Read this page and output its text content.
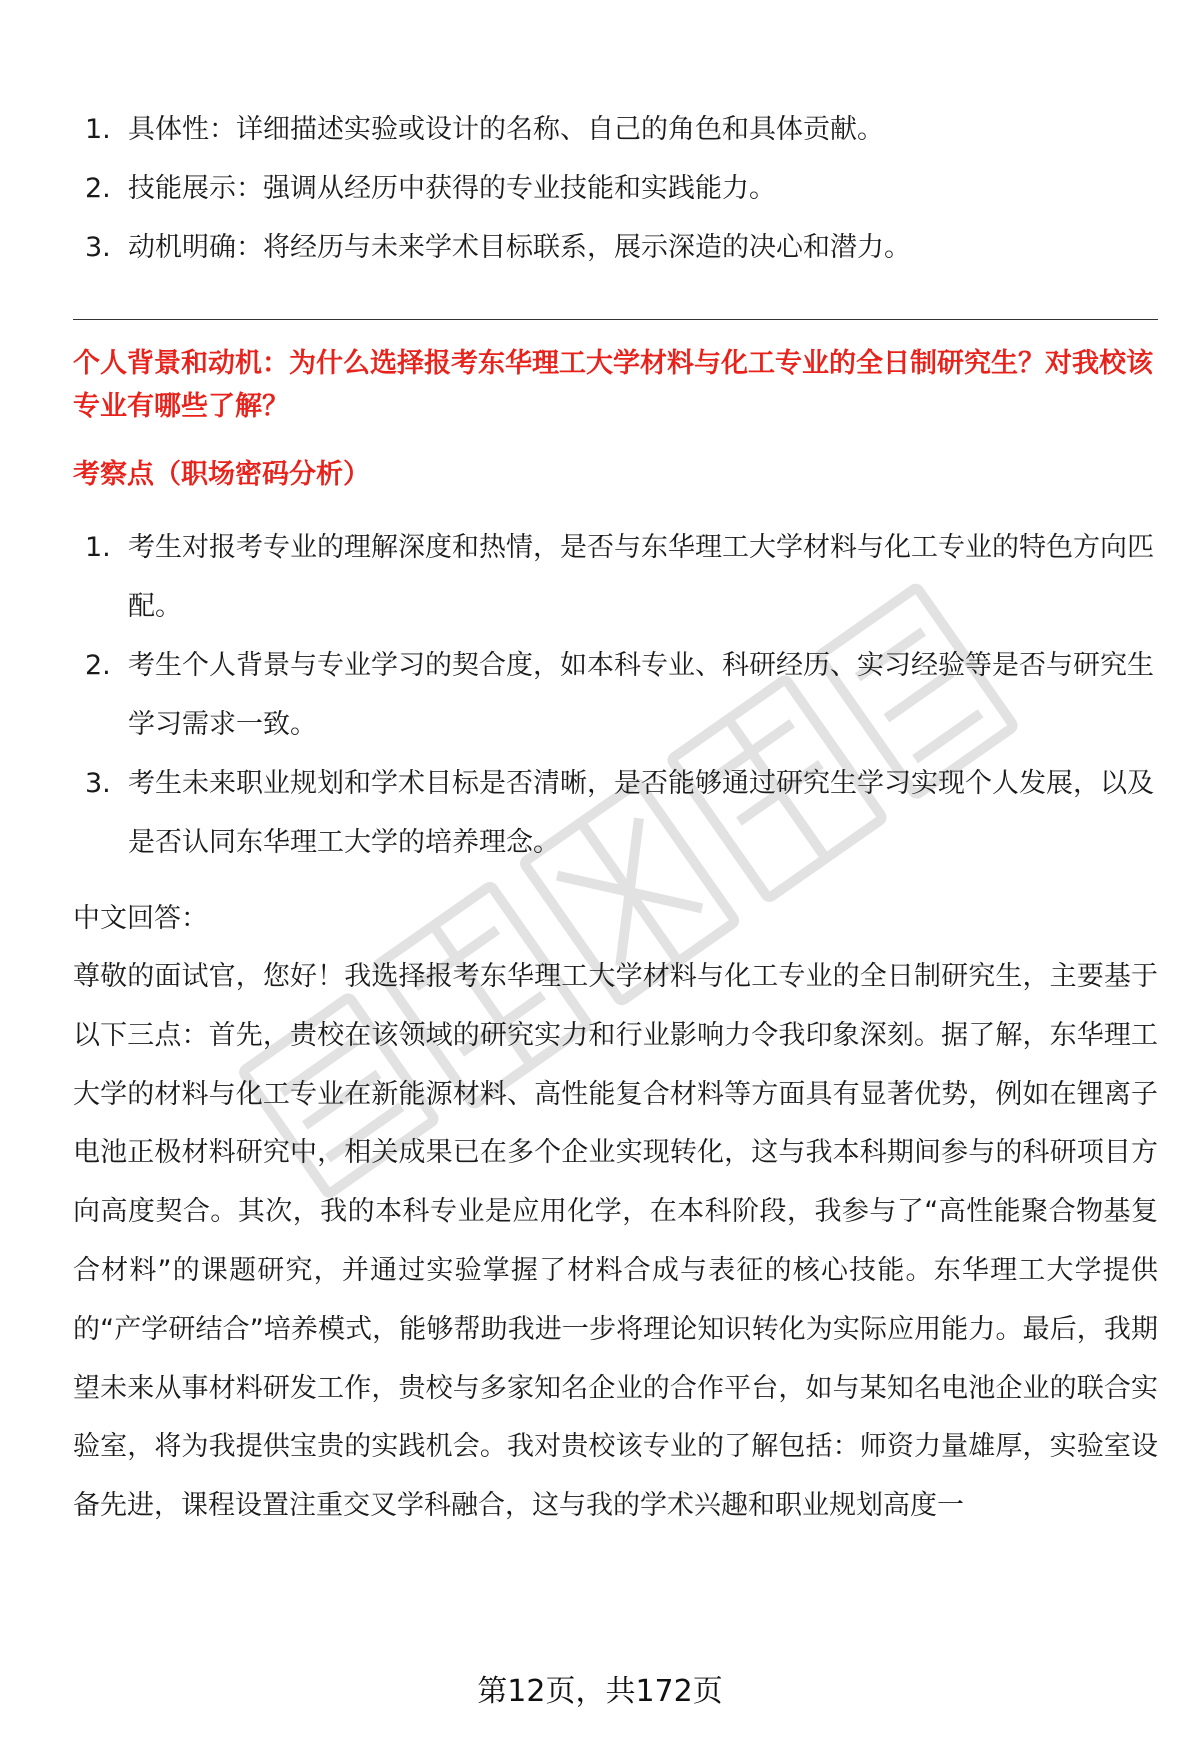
1. 具体性：详细描述实验或设计的名称、自己的角色和具体贡献。
2. 技能展示：强调从经历中获得的专业技能和实践能力。
3. 动机明确：将经历与未来学术目标联系，展示深造的决心和潜力。
个人背景和动机：为什么选择报考东华理工大学材料与化工专业的全日制研究生？对我校该专业有哪些了解？
考察点（职场密码分析）
1. 考生对报考专业的理解深度和热情，是否与东华理工大学材料与化工专业的特色方向匹配。
2. 考生个人背景与专业学习的契合度，如本科专业、科研经历、实习经验等是否与研究生学习需求一致。
3. 考生未来职业规划和学术目标是否清晰，是否能够通过研究生学习实现个人发展，以及是否认同东华理工大学的培养理念。
中文回答：
尊敬的面试官，您好！我选择报考东华理工大学材料与化工专业的全日制研究生，主要基于以下三点：首先，贵校在该领域的研究实力和行业影响力令我印象深刻。据了解，东华理工大学的材料与化工专业在新能源材料、高性能复合材料等方面具有显著优势，例如在锂离子电池正极材料研究中，相关成果已在多个企业实现转化，这与我本科期间参与的科研项目方向高度契合。其次，我的本科专业是应用化学，在本科阶段，我参与了“高性能聚合物基复合材料”的课题研究，并通过实验掌握了材料合成与表征的核心技能。东华理工大学提供的“产学研结合”培养模式，能够帮助我进一步将理论知识转化为实际应用能力。最后，我期望未来从事材料研发工作，贵校与多家知名企业的合作平台，如与某知名电池企业的联合实验室，将为我提供宝贵的实践机会。我对贵校该专业的了解包括：师资力量雄厚，实验室设备先进，课程设置注重交叉学科融合，这与我的学术兴趣和职业规划高度一
第12页，共172页
